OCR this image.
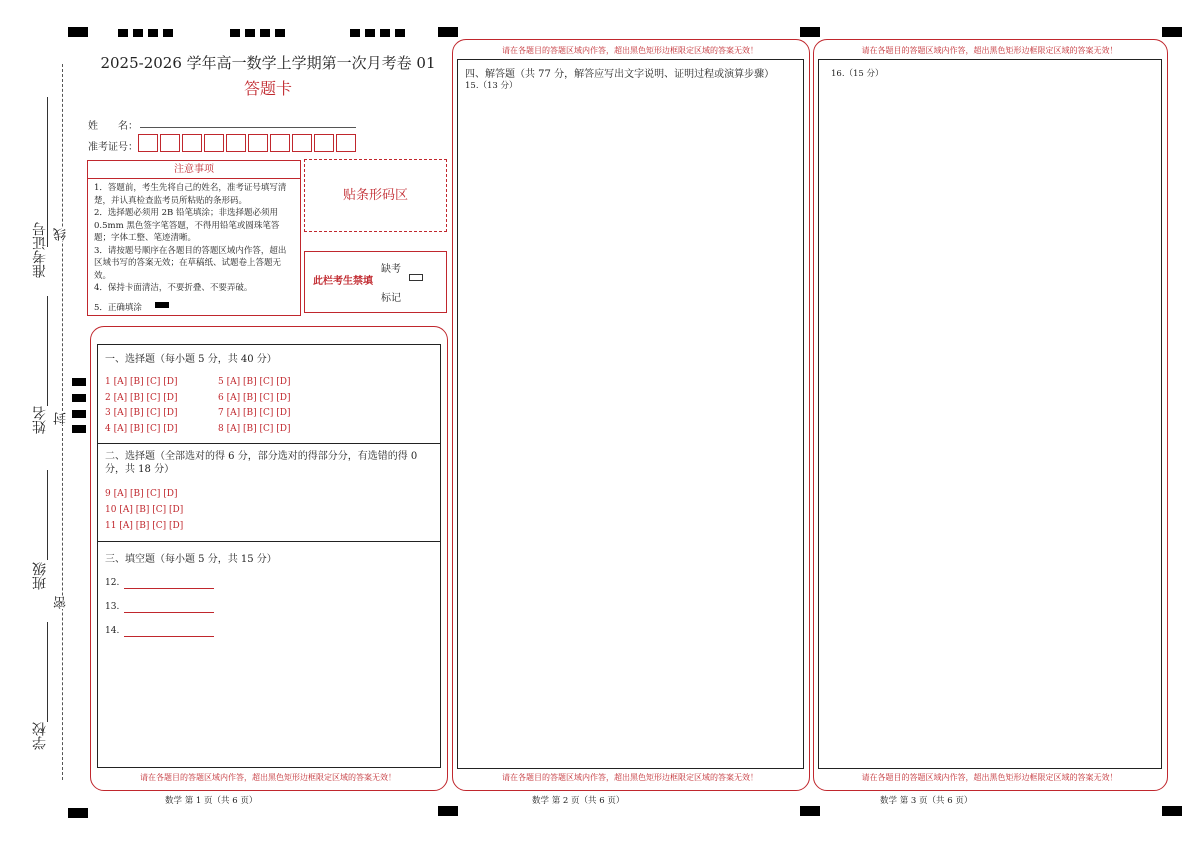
准考证号
姓名
班级
学校
线
封
密
2025-2026 学年高一数学上学期第一次月考卷 01
答题卡
姓　　名：
准考证号：
注意事项
1．答题前，考生先将自己的姓名，准考证号填写清楚，并认真检查监考员所粘贴的条形码。
2．选择题必须用 2B 铅笔填涂；非选择题必须用 0.5mm 黑色签字笔答题，不得用铅笔或圆珠笔答题；字体工整、笔迹清晰。
3．请按题号顺序在各题目的答题区域内作答，超出区域书写的答案无效；在草稿纸、试题卷上答题无效。
4．保持卡面清洁，不要折叠、不要弄破。
5．正确填涂
贴条形码区
此栏考生禁填
缺考
标记
一、选择题（每小题 5 分，共 40 分）
1 [A] [B] [C] [D]
2 [A] [B] [C] [D]
3 [A] [B] [C] [D]
4 [A] [B] [C] [D]
5 [A] [B] [C] [D]
6 [A] [B] [C] [D]
7 [A] [B] [C] [D]
8 [A] [B] [C] [D]
二、选择题（全部选对的得 6 分，部分选对的得部分分，有选错的得 0 分，共 18 分）
9 [A] [B] [C] [D]
10 [A] [B] [C] [D]
11 [A] [B] [C] [D]
三、填空题（每小题 5 分，共 15 分）
12.
13.
14.
请在各题目的答题区域内作答，超出黑色矩形边框限定区域的答案无效！
数学 第 1 页（共 6 页）
请在各题目的答题区域内作答，超出黑色矩形边框限定区域的答案无效！
四、解答题（共 77 分，解答应写出文字说明、证明过程或演算步骤）
15.（13 分）
请在各题目的答题区域内作答，超出黑色矩形边框限定区域的答案无效！
数学 第 2 页（共 6 页）
请在各题目的答题区域内作答，超出黑色矩形边框限定区域的答案无效！
16.（15 分）
请在各题目的答题区域内作答，超出黑色矩形边框限定区域的答案无效！
数学 第 3 页（共 6 页）
